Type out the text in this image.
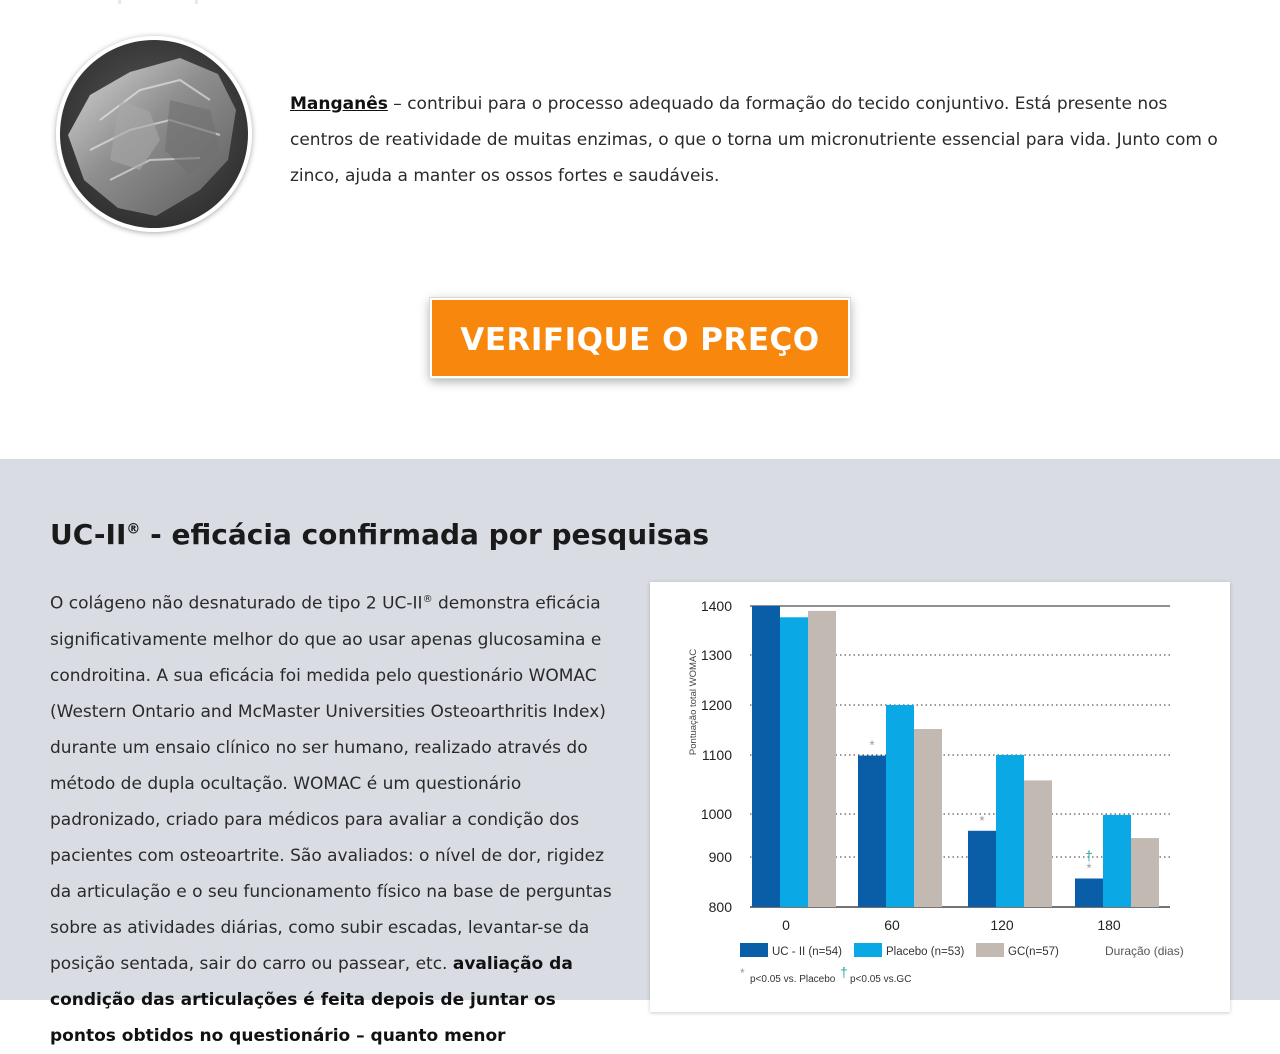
Manganês – contribui para o processo adequado da formação do tecido conjuntivo. Está presente nos centros de reatividade de muitas enzimas, o que o torna um micronutriente essencial para vida. Junto com o zinco, ajuda a manter os ossos fortes e saudáveis.

VERIFIQUE O PREÇO
UC-II® - eficácia confirmada por pesquisas

O colágeno não desnaturado de tipo 2 UC-II® demonstra eficácia significativamente melhor do que ao usar apenas glucosamina e condroitina. A sua eficácia foi medida pelo questionário WOMAC (Western Ontario and McMaster Universities Osteoarthritis Index) durante um ensaio clínico no ser humano, realizado através do método de dupla ocultação. WOMAC é um questionário padronizado, criado para médicos para avaliar a condição dos pacientes com osteoartrite. São avaliados: o nível de dor, rigidez da articulação e o seu funcionamento físico na base de perguntas sobre as atividades diárias, como subir escadas, levantar-se da posição sentada, sair do carro ou passear, etc. avaliação da condição das articulações é feita depois de juntar os pontos obtidos no questionário – quanto menor

800
900
1000
1100
1200
1300
1400
0	60	120	180
*
*
*
†
Pontuação total WOMAC
Duração (dias)
UC - II (n=54)	Placebo (n=53)	GC(n=57)
* p<0.05 vs. Placebo † p<0.05 vs.GC
